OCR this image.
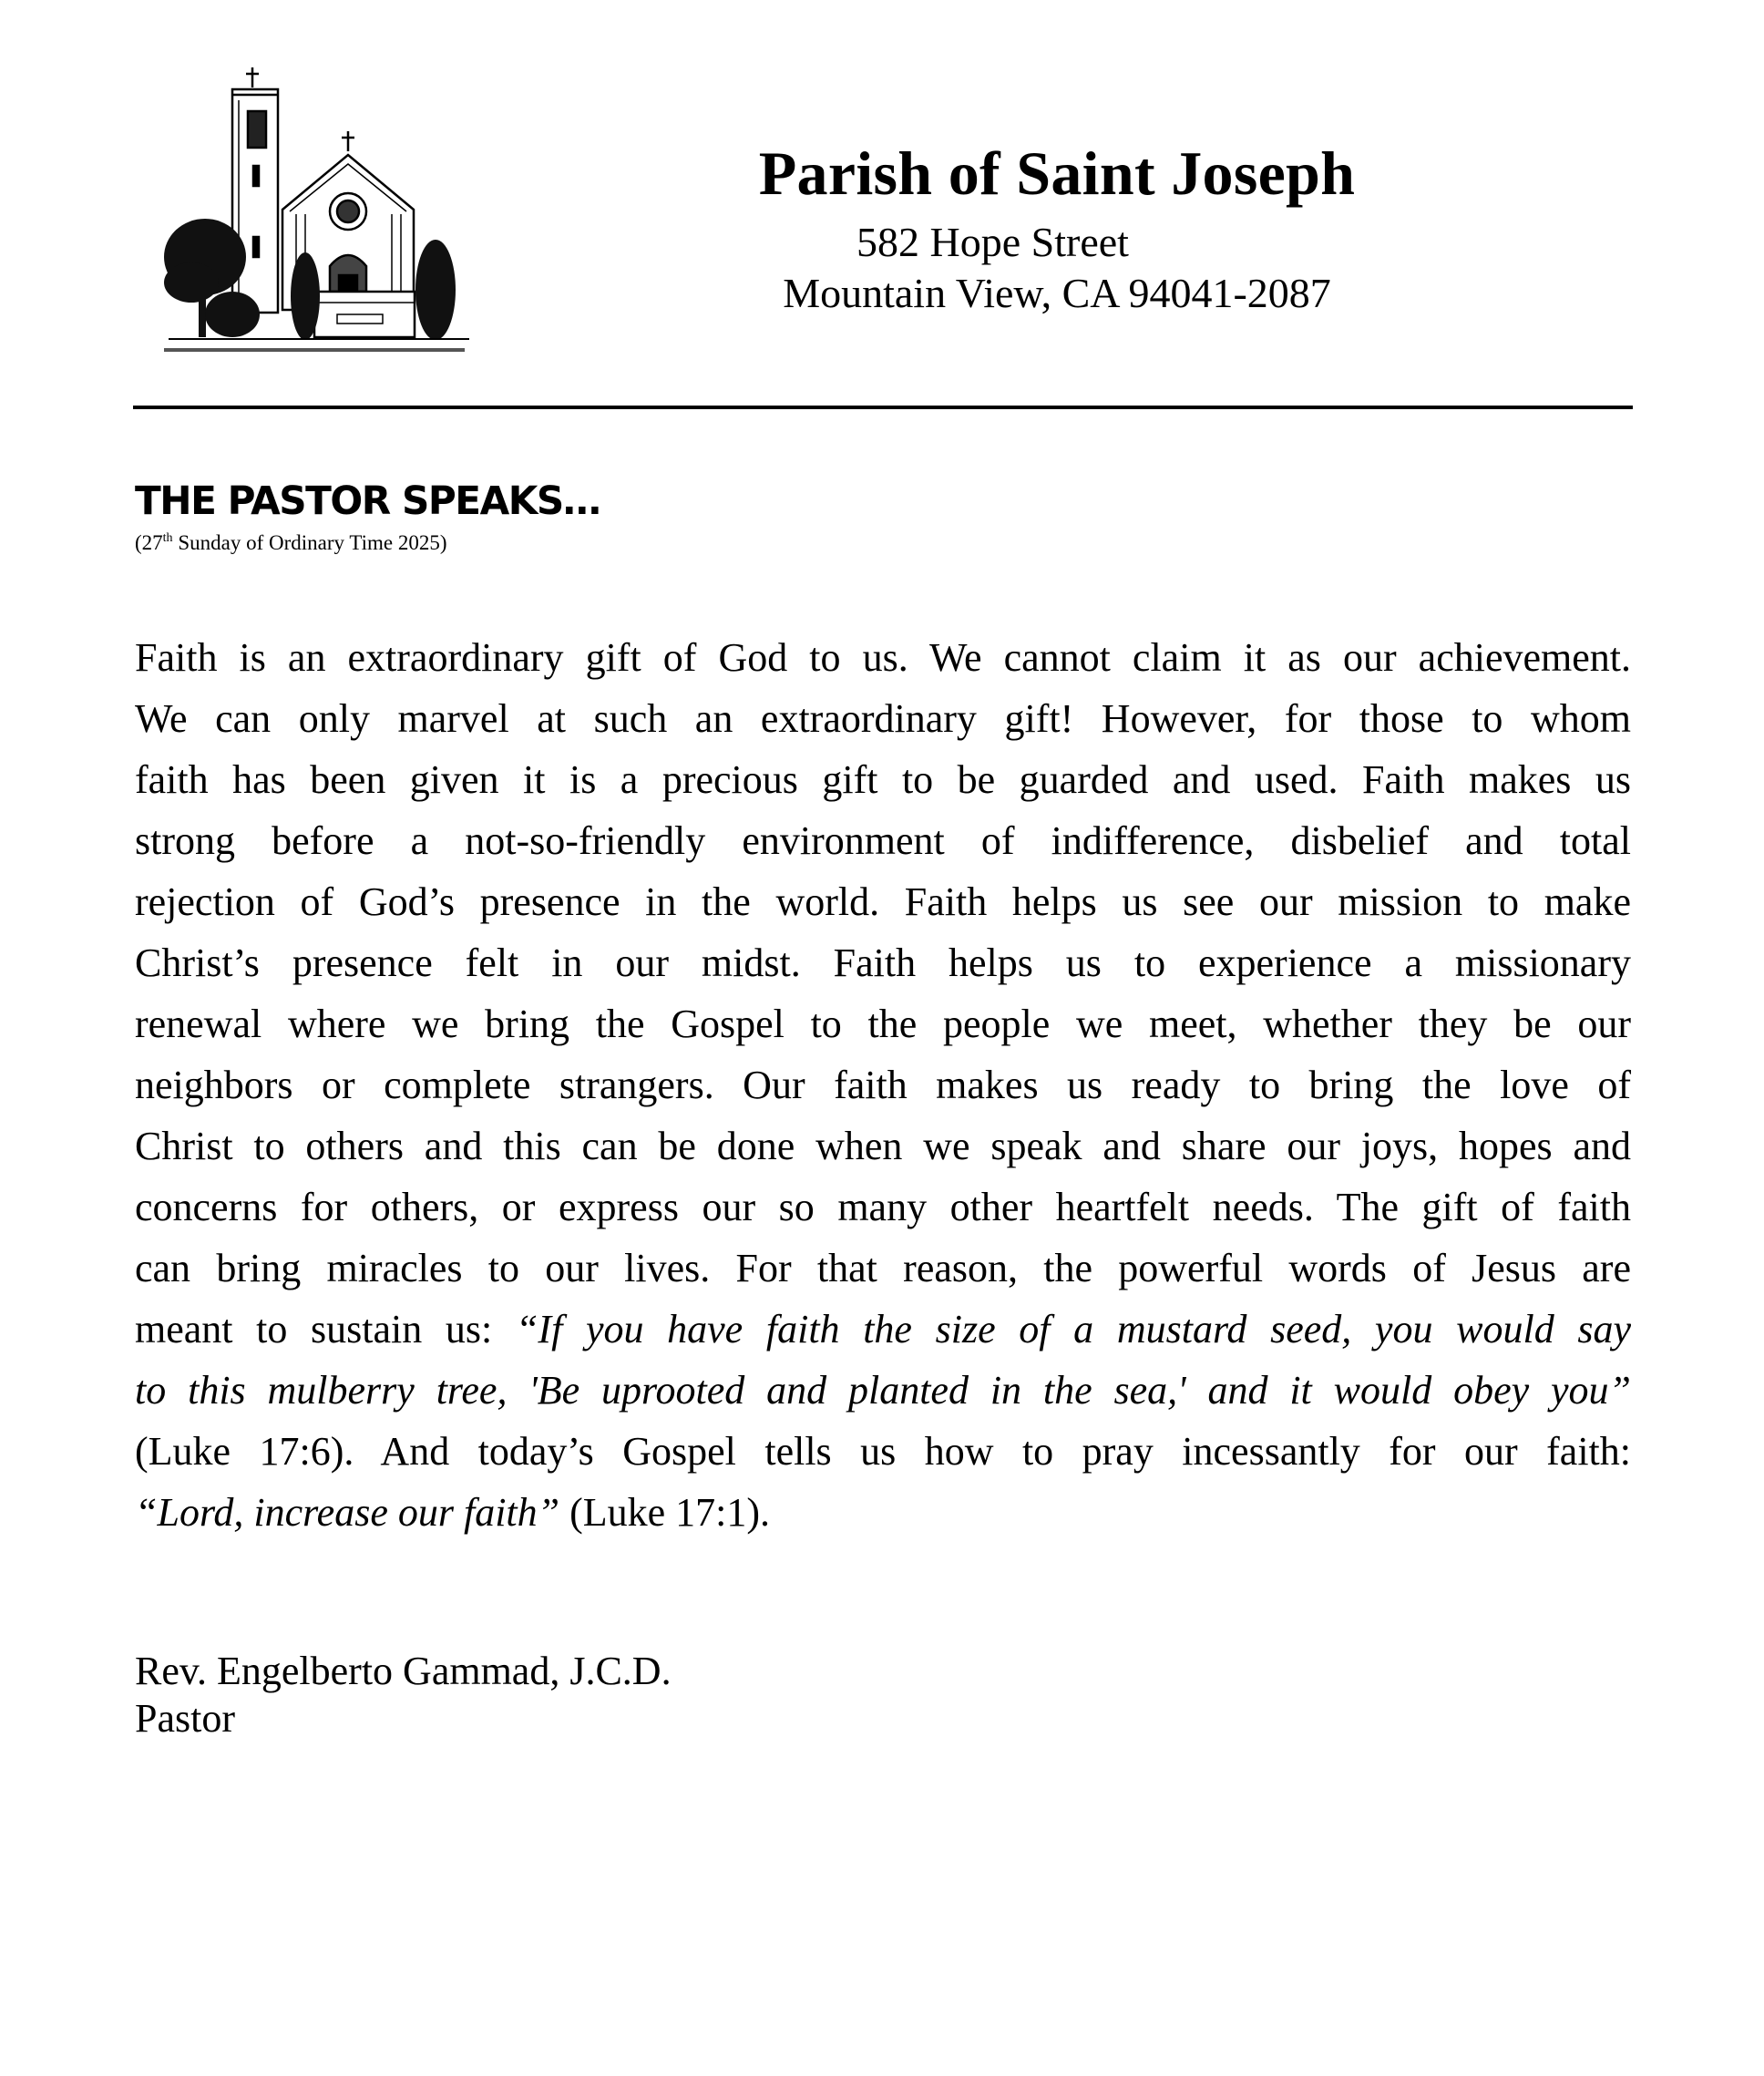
Parish of Saint Joseph
582 Hope Street
Mountain View, CA 94041-2087
THE PASTOR SPEAKS…
(27th Sunday of Ordinary Time 2025)
Faith is an extraordinary gift of God to us. We cannot claim it as our achievement.
We can only marvel at such an extraordinary gift! However, for those to whom
faith has been given it is a precious gift to be guarded and used. Faith makes us
strong before a not-so-friendly environment of indifference, disbelief and total
rejection of God’s presence in the world. Faith helps us see our mission to make
Christ’s presence felt in our midst. Faith helps us to experience a missionary
renewal where we bring the Gospel to the people we meet, whether they be our
neighbors or complete strangers. Our faith makes us ready to bring the love of
Christ to others and this can be done when we speak and share our joys, hopes and
concerns for others, or express our so many other heartfelt needs. The gift of faith
can bring miracles to our lives. For that reason, the powerful words of Jesus are
meant to sustain us: “If you have faith the size of a mustard seed, you would say
to this mulberry tree, 'Be uprooted and planted in the sea,' and it would obey you”
(Luke 17:6). And today’s Gospel tells us how to pray incessantly for our faith:
“Lord, increase our faith” (Luke 17:1).
Rev. Engelberto Gammad, J.C.D.
Pastor
